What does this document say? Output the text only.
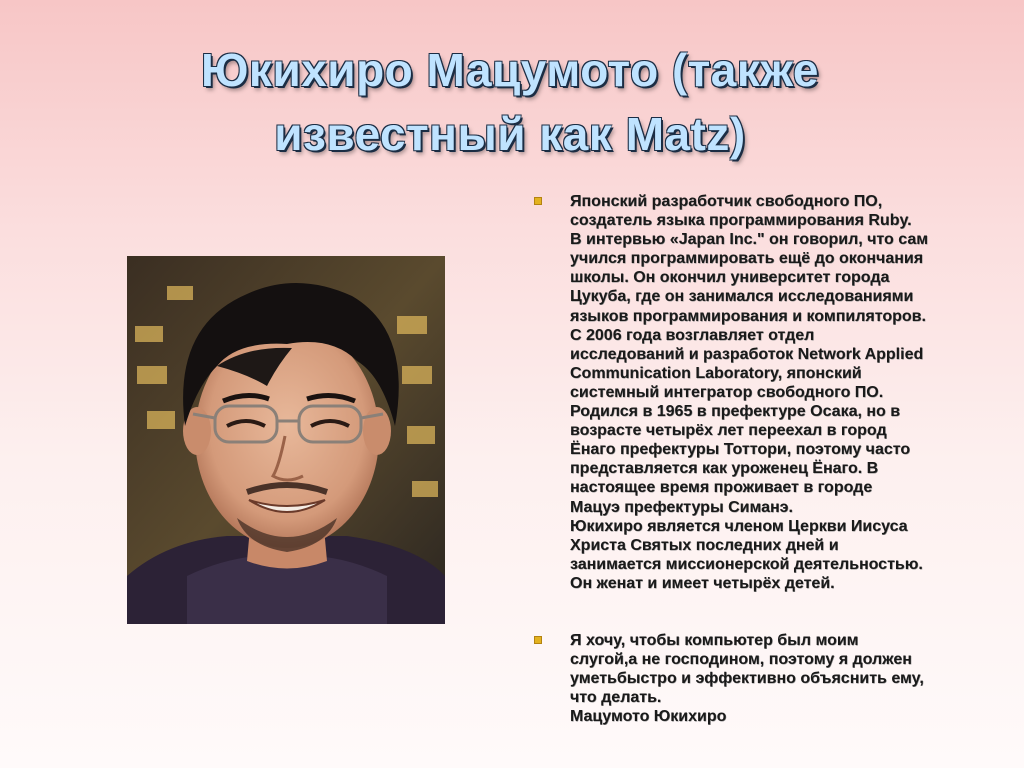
Юкихиро Мацумото (также
известный как Matz)
Японский разработчик свободного ПО,
создатель языка программирования Ruby.
В интервью «Japan Inc." он говорил, что сам
учился программировать ещё до окончания
школы. Он окончил университет города
Цукуба, где он занимался исследованиями
языков программирования и компиляторов.
С 2006 года возглавляет отдел
исследований и разработок Network Applied
Communication Laboratory, японский
системный интегратор свободного ПО.
Родился в 1965 в префектуре Осака, но в
возрасте четырёх лет переехал в город
Ёнаго префектуры Тоттори, поэтому часто
представляется как уроженец Ёнаго. В
настоящее время проживает в городе
Мацуэ префектуры Симанэ.
Юкихиро является членом Церкви Иисуса
Христа Святых последних дней и
занимается миссионерской деятельностью.
Он женат и имеет четырёх детей.
Я хочу, чтобы компьютер был моим
слугой,а не господином, поэтому я должен
уметьбыстро и эффективно объяснить ему,
что делать.
Мацумото Юкихиро
